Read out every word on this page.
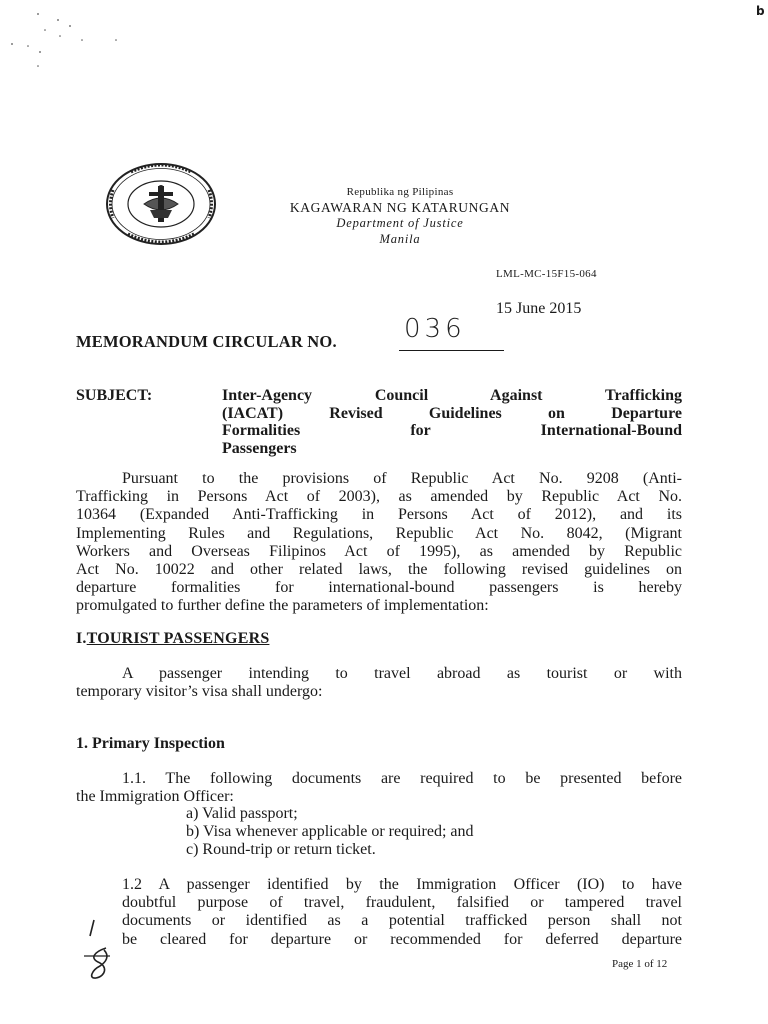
b
Republika ng Pilipinas
KAGAWARAN NG KATARUNGAN
Department of Justice
Manila
LML-MC-15F15-064
15 June 2015
MEMORANDUM CIRCULAR NO.	036
SUBJECT:	Inter-Agency Council Against Trafficking
(IACAT) Revised Guidelines on Departure
Formalities for International-Bound
Passengers
Pursuant to the provisions of Republic Act No. 9208 (Anti-
Trafficking in Persons Act of 2003), as amended by Republic Act No.
10364 (Expanded Anti-Trafficking in Persons Act of 2012), and its
Implementing Rules and Regulations, Republic Act No. 8042, (Migrant
Workers and Overseas Filipinos Act of 1995), as amended by Republic
Act No. 10022 and other related laws, the following revised guidelines on
departure formalities for international-bound passengers is hereby
promulgated to further define the parameters of implementation:
I.TOURIST PASSENGERS
A passenger intending to travel abroad as tourist or with
temporary visitor’s visa shall undergo:
1. Primary Inspection
1.1. The following documents are required to be presented before
the Immigration Officer:
a) Valid passport;
b) Visa whenever applicable or required; and
c) Round-trip or return ticket.
1.2 A passenger identified by the Immigration Officer (IO) to have
doubtful purpose of travel, fraudulent, falsified or tampered travel
documents or identified as a potential trafficked person shall not
be cleared for departure or recommended for deferred departure
Page 1 of 12
